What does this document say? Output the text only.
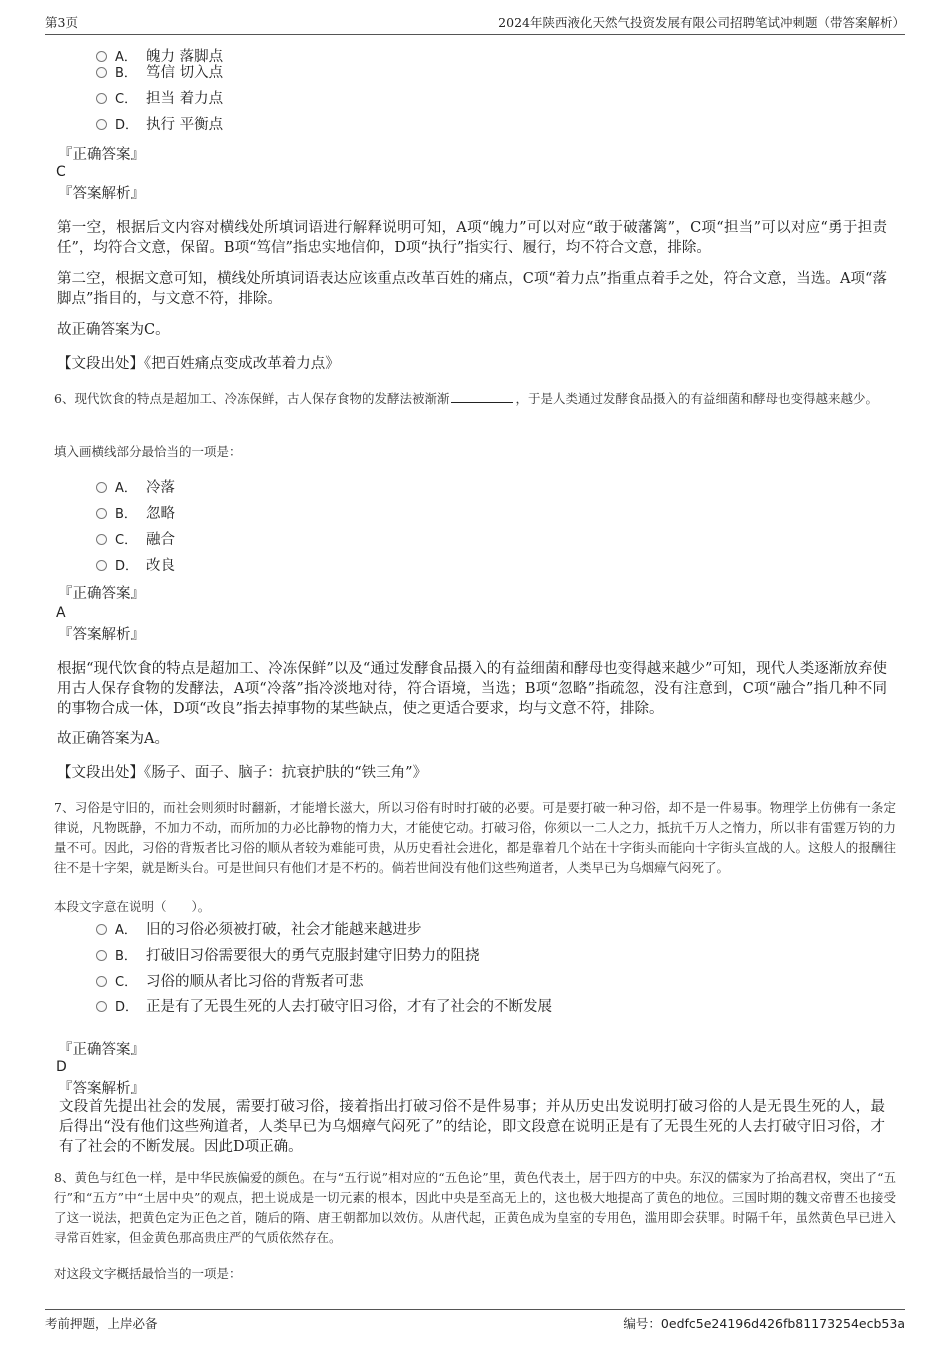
第3页	2024年陕西液化天然气投资发展有限公司招聘笔试冲刺题（带答案解析）
A． 魄力 落脚点
B． 笃信 切入点
C． 担当 着力点
D． 执行 平衡点
『正确答案』
C
『答案解析』
第一空，根据后文内容对横线处所填词语进行解释说明可知，A项“魄力”可以对应“敢于破藩篱”，C项“担当”可以对应“勇于担责任”，均符合文意，保留。B项“笃信”指忠实地信仰，D项“执行”指实行、履行，均不符合文意，排除。
第二空，根据文意可知，横线处所填词语表达应该重点改革百姓的痛点，C项“着力点”指重点着手之处，符合文意，当选。A项“落脚点”指目的，与文意不符，排除。
故正确答案为C。
【文段出处】《把百姓痛点变成改革着力点》
6、现代饮食的特点是超加工、冷冻保鲜，古人保存食物的发酵法被渐渐	，于是人类通过发酵食品摄入的有益细菌和酵母也变得越来越少。
填入画横线部分最恰当的一项是：
A． 冷落
B． 忽略
C． 融合
D． 改良
『正确答案』
A
『答案解析』
根据“现代饮食的特点是超加工、冷冻保鲜”以及“通过发酵食品摄入的有益细菌和酵母也变得越来越少”可知，现代人类逐渐放弃使用古人保存食物的发酵法，A项“冷落”指冷淡地对待，符合语境，当选；B项“忽略”指疏忽，没有注意到，C项“融合”指几种不同的事物合成一体，D项“改良”指去掉事物的某些缺点，使之更适合要求，均与文意不符，排除。
故正确答案为A。
【文段出处】《肠子、面子、脑子：抗衰护肤的“铁三角”》
7、习俗是守旧的，而社会则须时时翻新，才能增长滋大，所以习俗有时时打破的必要。可是要打破一种习俗，却不是一件易事。物理学上仿佛有一条定律说，凡物既静，不加力不动，而所加的力必比静物的惰力大，才能使它动。打破习俗，你须以一二人之力，抵抗千万人之惰力，所以非有雷霆万钧的力量不可。因此，习俗的背叛者比习俗的顺从者较为难能可贵，从历史看社会进化，都是靠着几个站在十字街头而能向十字街头宣战的人。这般人的报酬往往不是十字架，就是断头台。可是世间只有他们才是不朽的。倘若世间没有他们这些殉道者，人类早已为乌烟瘴气闷死了。
本段文字意在说明（　　）。
A． 旧的习俗必须被打破，社会才能越来越进步
B． 打破旧习俗需要很大的勇气克服封建守旧势力的阻挠
C． 习俗的顺从者比习俗的背叛者可悲
D． 正是有了无畏生死的人去打破守旧习俗，才有了社会的不断发展
『正确答案』
D
『答案解析』
文段首先提出社会的发展，需要打破习俗，接着指出打破习俗不是件易事；并从历史出发说明打破习俗的人是无畏生死的人，最后得出“没有他们这些殉道者，人类早已为乌烟瘴气闷死了”的结论，即文段意在说明正是有了无畏生死的人去打破守旧习俗，才有了社会的不断发展。因此D项正确。
8、黄色与红色一样，是中华民族偏爱的颜色。在与“五行说”相对应的“五色论”里，黄色代表土，居于四方的中央。东汉的儒家为了抬高君权，突出了“五行”和“五方”中“土居中央”的观点，把土说成是一切元素的根本，因此中央是至高无上的，这也极大地提高了黄色的地位。三国时期的魏文帝曹丕也接受了这一说法，把黄色定为正色之首，随后的隋、唐王朝都加以效仿。从唐代起，正黄色成为皇室的专用色，滥用即会获罪。时隔千年，虽然黄色早已进入寻常百姓家，但金黄色那高贵庄严的气质依然存在。
对这段文字概括最恰当的一项是：
考前押题，上岸必备	编号：0edfc5e24196d426fb81173254ecb53a
